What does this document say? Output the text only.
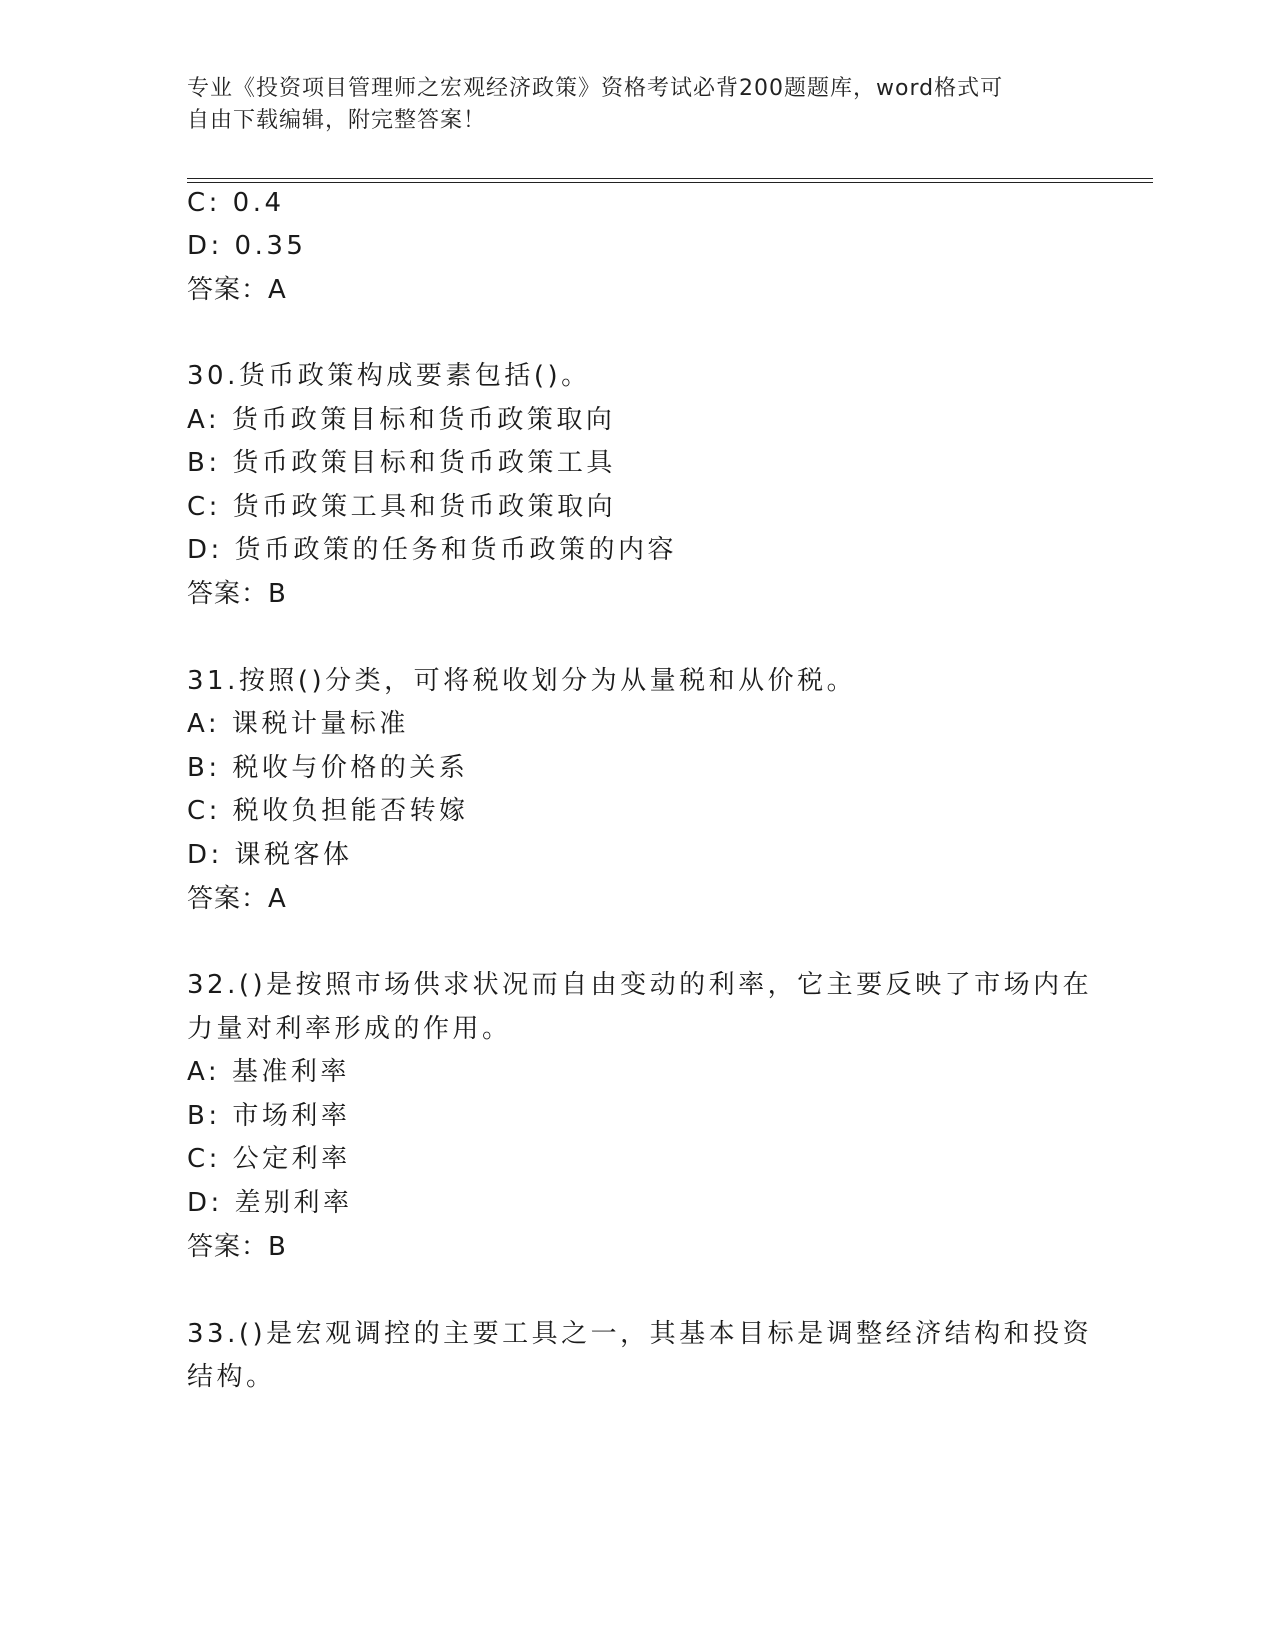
专业《投资项目管理师之宏观经济政策》资格考试必背200题题库，word格式可
自由下载编辑，附完整答案！
C: 0.4
D: 0.35
答案：A
30.货币政策构成要素包括()。
A: 货币政策目标和货币政策取向
B: 货币政策目标和货币政策工具
C: 货币政策工具和货币政策取向
D: 货币政策的任务和货币政策的内容
答案：B
31.按照()分类，可将税收划分为从量税和从价税。
A: 课税计量标准
B: 税收与价格的关系
C: 税收负担能否转嫁
D: 课税客体
答案：A
32.()是按照市场供求状况而自由变动的利率，它主要反映了市场内在
力量对利率形成的作用。
A: 基准利率
B: 市场利率
C: 公定利率
D: 差别利率
答案：B
33.()是宏观调控的主要工具之一，其基本目标是调整经济结构和投资
结构。
